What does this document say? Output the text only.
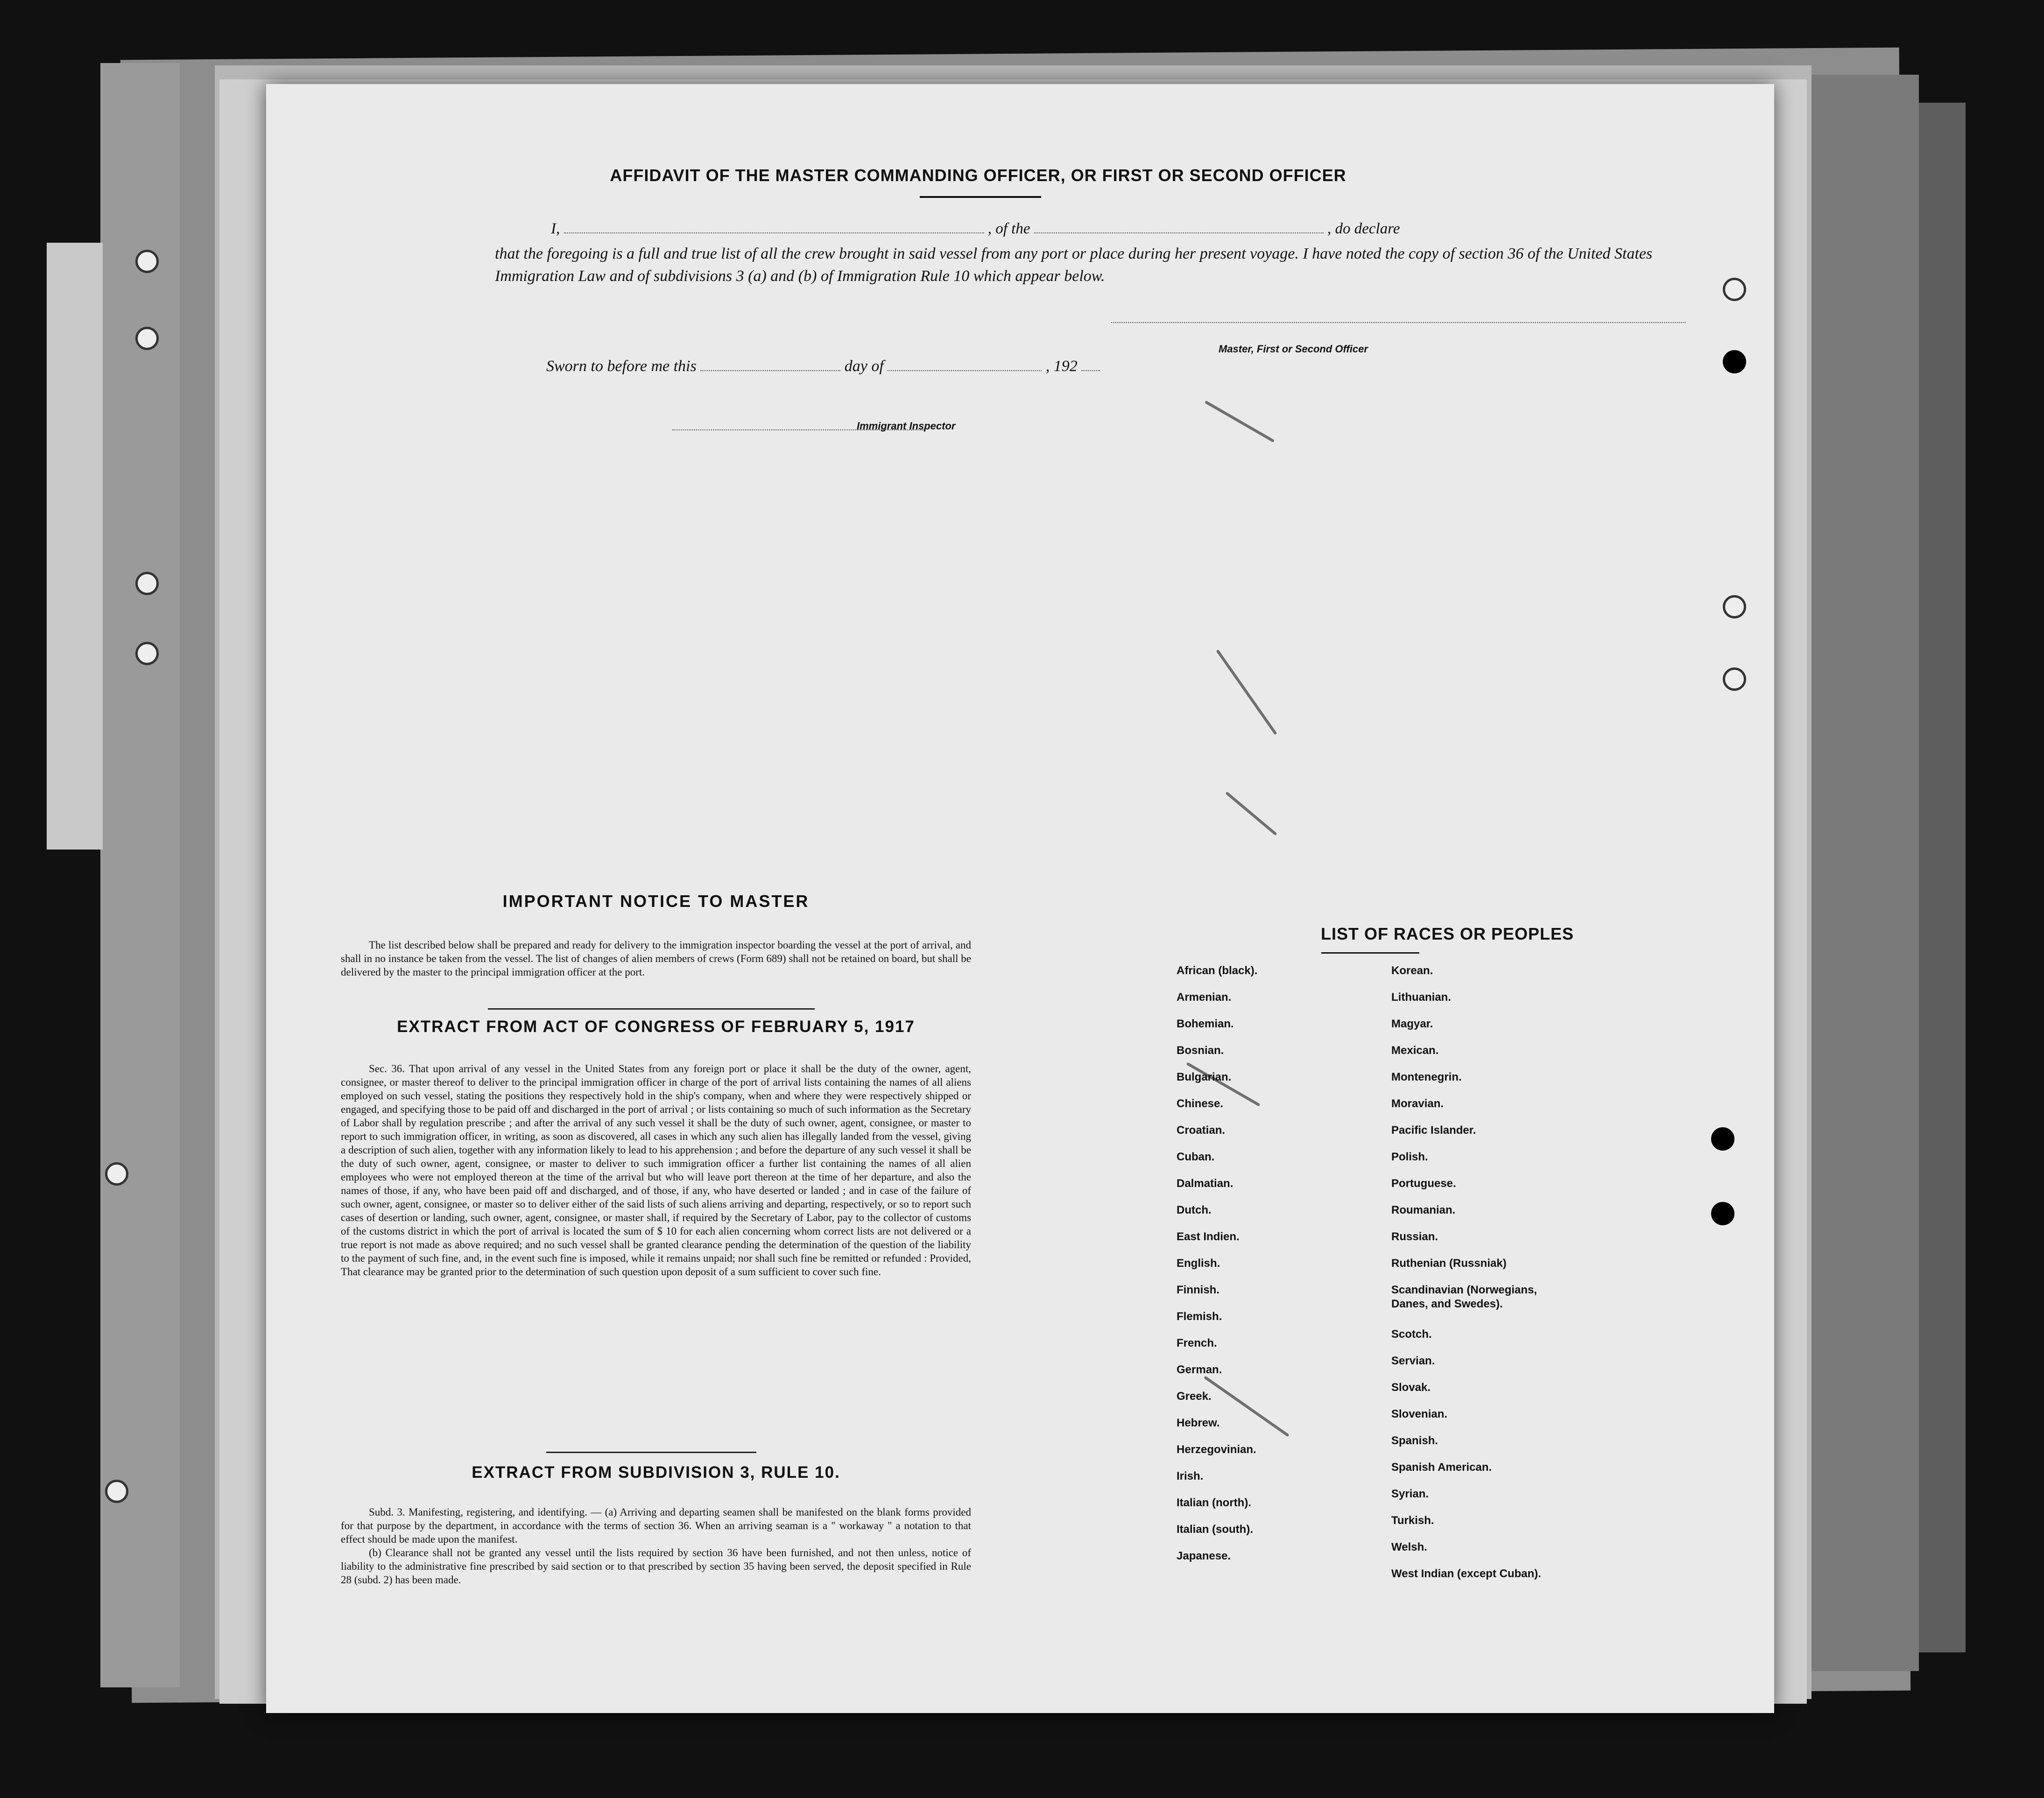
AFFIDAVIT OF THE MASTER COMMANDING OFFICER, OR FIRST OR SECOND OFFICER
I,	, of the	, do declare
that the foregoing is a full and true list of all the crew brought in said vessel from any port or place during her present voyage. I have noted the copy of section 36 of the United States Immigration Law and of subdivisions 3 (a) and (b) of Immigration Rule 10 which appear below.
Master, First or Second Officer
Sworn to before me this	day of	, 192
Immigrant Inspector
IMPORTANT NOTICE TO MASTER

The list described below shall be prepared and ready for delivery to the immigration inspector boarding the vessel at the port of arrival, and shall in no instance be taken from the vessel. The list of changes of alien members of crews (Form 689) shall not be retained on board, but shall be delivered by the master to the principal immigration officer at the port.

EXTRACT FROM ACT OF CONGRESS OF FEBRUARY 5, 1917

Sec. 36. That upon arrival of any vessel in the United States from any foreign port or place it shall be the duty of the owner, agent, consignee, or master thereof to deliver to the principal immigration officer in charge of the port of arrival lists containing the names of all aliens employed on such vessel, stating the positions they respectively hold in the ship's company, when and where they were respectively shipped or engaged, and specifying those to be paid off and discharged in the port of arrival ; or lists containing so much of such information as the Secretary of Labor shall by regulation prescribe ; and after the arrival of any such vessel it shall be the duty of such owner, agent, consignee, or master to report to such immigration officer, in writing, as soon as discovered, all cases in which any such alien has illegally landed from the vessel, giving a description of such alien, together with any information likely to lead to his apprehension ; and before the departure of any such vessel it shall be the duty of such owner, agent, consignee, or master to deliver to such immigration officer a further list containing the names of all alien employees who were not employed thereon at the time of the arrival but who will leave port thereon at the time of her departure, and also the names of those, if any, who have been paid off and discharged, and of those, if any, who have deserted or landed ; and in case of the failure of such owner, agent, consignee, or master so to deliver either of the said lists of such aliens arriving and departing, respectively, or so to report such cases of desertion or landing, such owner, agent, consignee, or master shall, if required by the Secretary of Labor, pay to the collector of customs of the customs district in which the port of arrival is located the sum of $ 10 for each alien concerning whom correct lists are not delivered or a true report is not made as above required; and no such vessel shall be granted clearance pending the determination of the question of the liability to the payment of such fine, and, in the event such fine is imposed, while it remains unpaid; nor shall such fine be remitted or refunded : Provided, That clearance may be granted prior to the determination of such question upon deposit of a sum sufficient to cover such fine.

EXTRACT FROM SUBDIVISION 3, RULE 10.

Subd. 3. Manifesting, registering, and identifying. — (a) Arriving and departing seamen shall be manifested on the blank forms provided for that purpose by the department, in accordance with the terms of section 36. When an arriving seaman is a " workaway " a notation to that effect should be made upon the manifest.

(b) Clearance shall not be granted any vessel until the lists required by section 36 have been furnished, and not then unless, notice of liability to the administrative fine prescribed by said section or to that prescribed by section 35 having been served, the deposit specified in Rule 28 (subd. 2) has been made.

LIST OF RACES OR PEOPLES
African (black).
Armenian.
Bohemian.
Bosnian.
Bulgarian.
Chinese.
Croatian.
Cuban.
Dalmatian.
Dutch.
East Indien.
English.
Finnish.
Flemish.
French.
German.
Greek.
Hebrew.
Herzegovinian.
Irish.
Italian (north).
Italian (south).
Japanese.
Korean.
Lithuanian.
Magyar.
Mexican.
Montenegrin.
Moravian.
Pacific Islander.
Polish.
Portuguese.
Roumanian.
Russian.
Ruthenian (Russniak)
Scandinavian (Norwegians,
Danes, and Swedes).
Scotch.
Servian.
Slovak.
Slovenian.
Spanish.
Spanish American.
Syrian.
Turkish.
Welsh.
West Indian (except Cuban).
